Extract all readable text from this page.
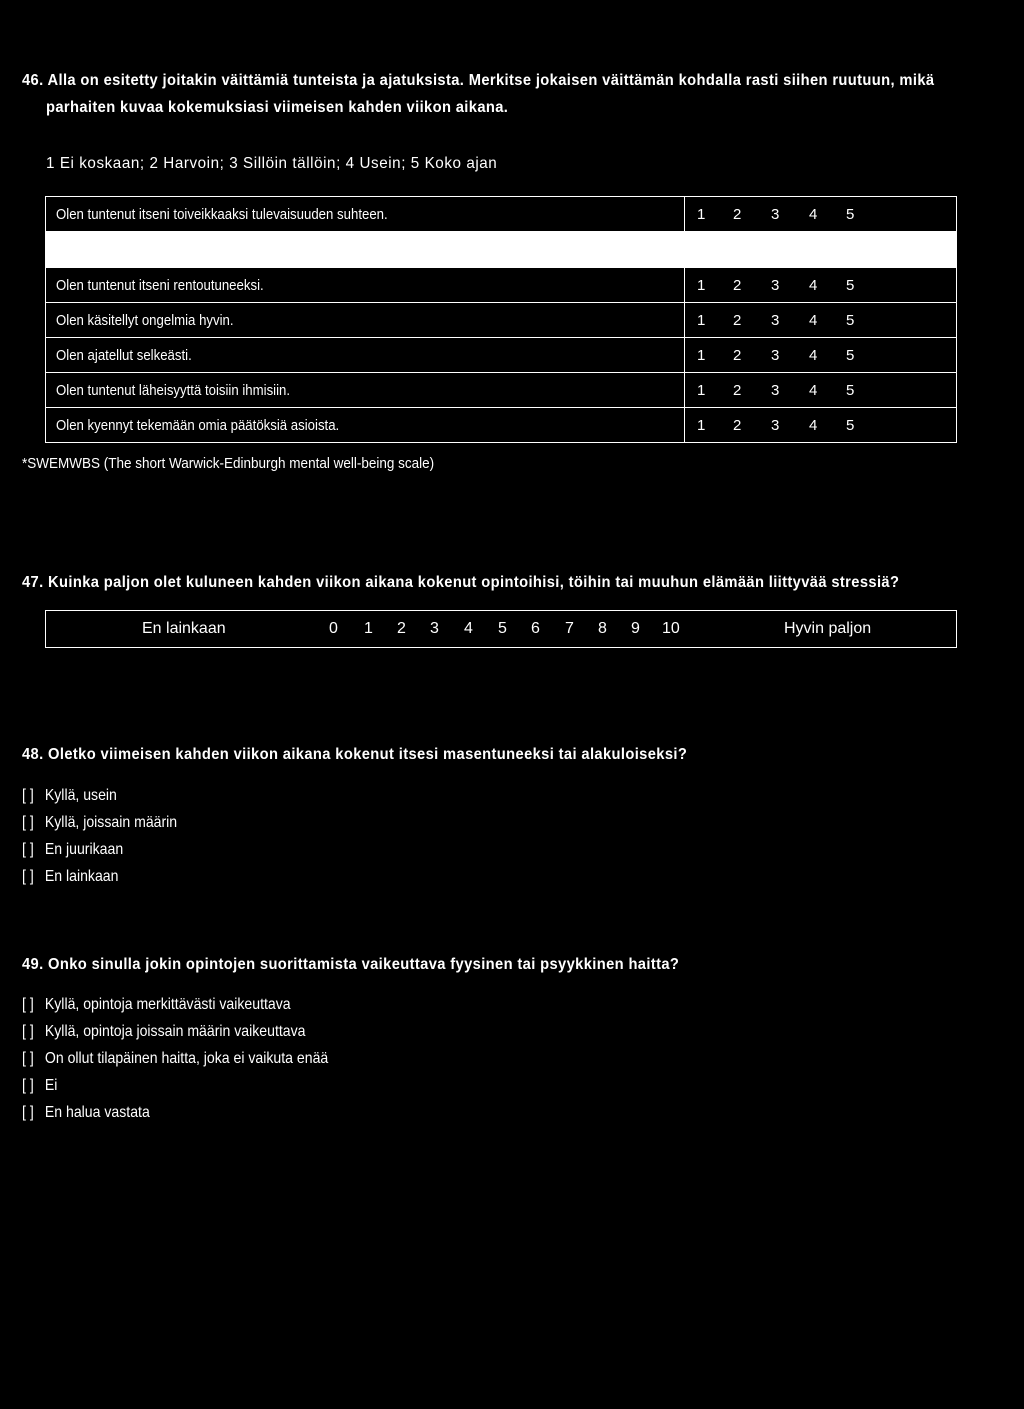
46. Alla on esitetty joitakin väittämiä tunteista ja ajatuksista. Merkitse jokaisen väittämän kohdalla rasti siihen ruutuun, mikä
parhaiten kuvaa kokemuksiasi viimeisen kahden viikon aikana.
1 Ei koskaan; 2 Harvoin; 3 Sillöin tällöin; 4 Usein; 5 Koko ajan
Olen tuntenut itseni toiveikkaaksi tulevaisuuden suhteen.	1 2 3 4 5

Olen tuntenut itseni rentoutuneeksi.	1 2 3 4 5

Olen käsitellyt ongelmia hyvin.	1 2 3 4 5

Olen ajatellut selkeästi.	1 2 3 4 5

Olen tuntenut läheisyyttä toisiin ihmisiin.	1 2 3 4 5

Olen kyennyt tekemään omia päätöksiä asioista.	1 2 3 4 5
*SWEMWBS (The short Warwick-Edinburgh mental well-being scale)
47. Kuinka paljon olet kuluneen kahden viikon aikana kokenut opintoihisi, töihin tai muuhun elämään liittyvää stressiä?
En lainkaan	0 1 2 3 4 5 6 7 8 9 10	Hyvin paljon
48. Oletko viimeisen kahden viikon aikana kokenut itsesi masentuneeksi tai alakuloiseksi?
[ ] Kyllä, usein
[ ] Kyllä, joissain määrin
[ ] En juurikaan
[ ] En lainkaan
49. Onko sinulla jokin opintojen suorittamista vaikeuttava fyysinen tai psyykkinen haitta?
[ ] Kyllä, opintoja merkittävästi vaikeuttava
[ ] Kyllä, opintoja joissain määrin vaikeuttava
[ ] On ollut tilapäinen haitta, joka ei vaikuta enää
[ ] Ei
[ ] En halua vastata
